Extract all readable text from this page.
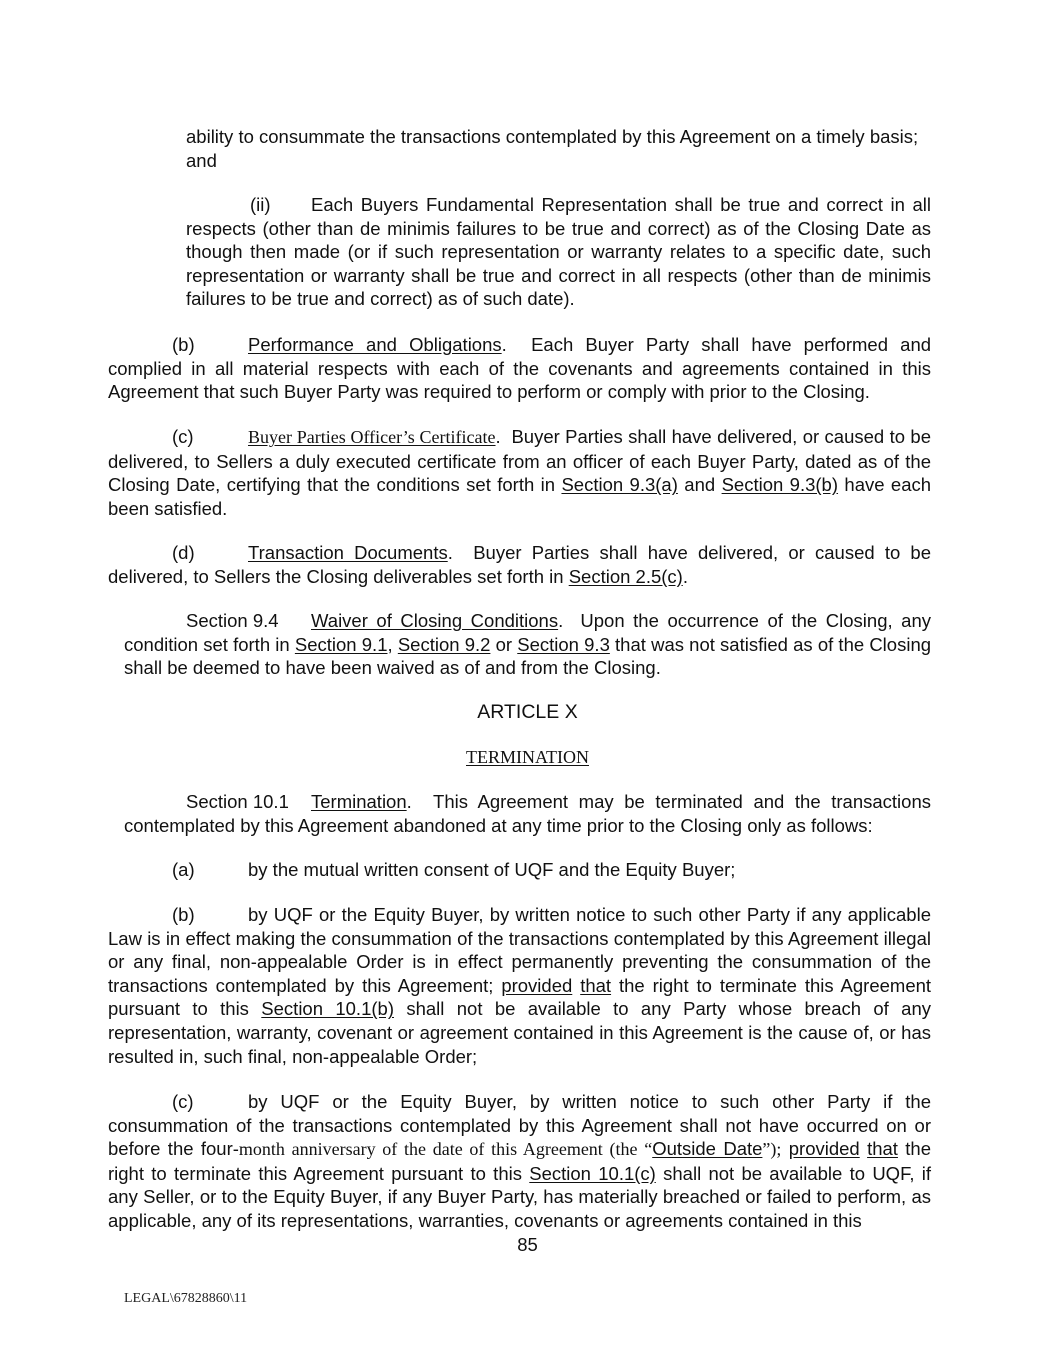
ability to consummate the transactions contemplated by this Agreement on a timely basis;
and

(ii) Each Buyers Fundamental Representation shall be true and correct in all respects (other than de minimis failures to be true and correct) as of the Closing Date as though then made (or if such representation or warranty relates to a specific date, such representation or warranty shall be true and correct in all respects (other than de minimis failures to be true and correct) as of such date).

(b)	Performance and Obligations.  Each Buyer Party shall have performed and complied in all material respects with each of the covenants and agreements contained in this Agreement that such Buyer Party was required to perform or comply with prior to the Closing.

(c)	Buyer Parties Officer’s Certificate.  Buyer Parties shall have delivered, or caused to be delivered, to Sellers a duly executed certificate from an officer of each Buyer Party, dated as of the Closing Date, certifying that the conditions set forth in Section 9.3(a) and Section 9.3(b) have each been satisfied.

(d)	Transaction Documents.  Buyer Parties shall have delivered, or caused to be delivered, to Sellers the Closing deliverables set forth in Section 2.5(c).

Section 9.4 Waiver of Closing Conditions.  Upon the occurrence of the Closing, any condition set forth in Section 9.1, Section 9.2 or Section 9.3 that was not satisfied as of the Closing shall be deemed to have been waived as of and from the Closing.

ARTICLE X

TERMINATION

Section 10.1 Termination.  This Agreement may be terminated and the transactions contemplated by this Agreement abandoned at any time prior to the Closing only as follows:

(a)	by the mutual written consent of UQF and the Equity Buyer;

(b)	by UQF or the Equity Buyer, by written notice to such other Party if any applicable Law is in effect making the consummation of the transactions contemplated by this Agreement illegal or any final, non-appealable Order is in effect permanently preventing the consummation of the transactions contemplated by this Agreement; provided that the right to terminate this Agreement pursuant to this Section 10.1(b) shall not be available to any Party whose breach of any representation, warranty, covenant or agreement contained in this Agreement is the cause of, or has resulted in, such final, non-appealable Order;

(c)	by UQF or the Equity Buyer, by written notice to such other Party if the consummation of the transactions contemplated by this Agreement shall not have occurred on or before the four-month anniversary of the date of this Agreement (the “Outside Date”); provided that the right to terminate this Agreement pursuant to this Section 10.1(c) shall not be available to UQF, if any Seller, or to the Equity Buyer, if any Buyer Party, has materially breached or failed to perform, as applicable, any of its representations, warranties, covenants or agreements contained in this

85

LEGAL\67828860\11
